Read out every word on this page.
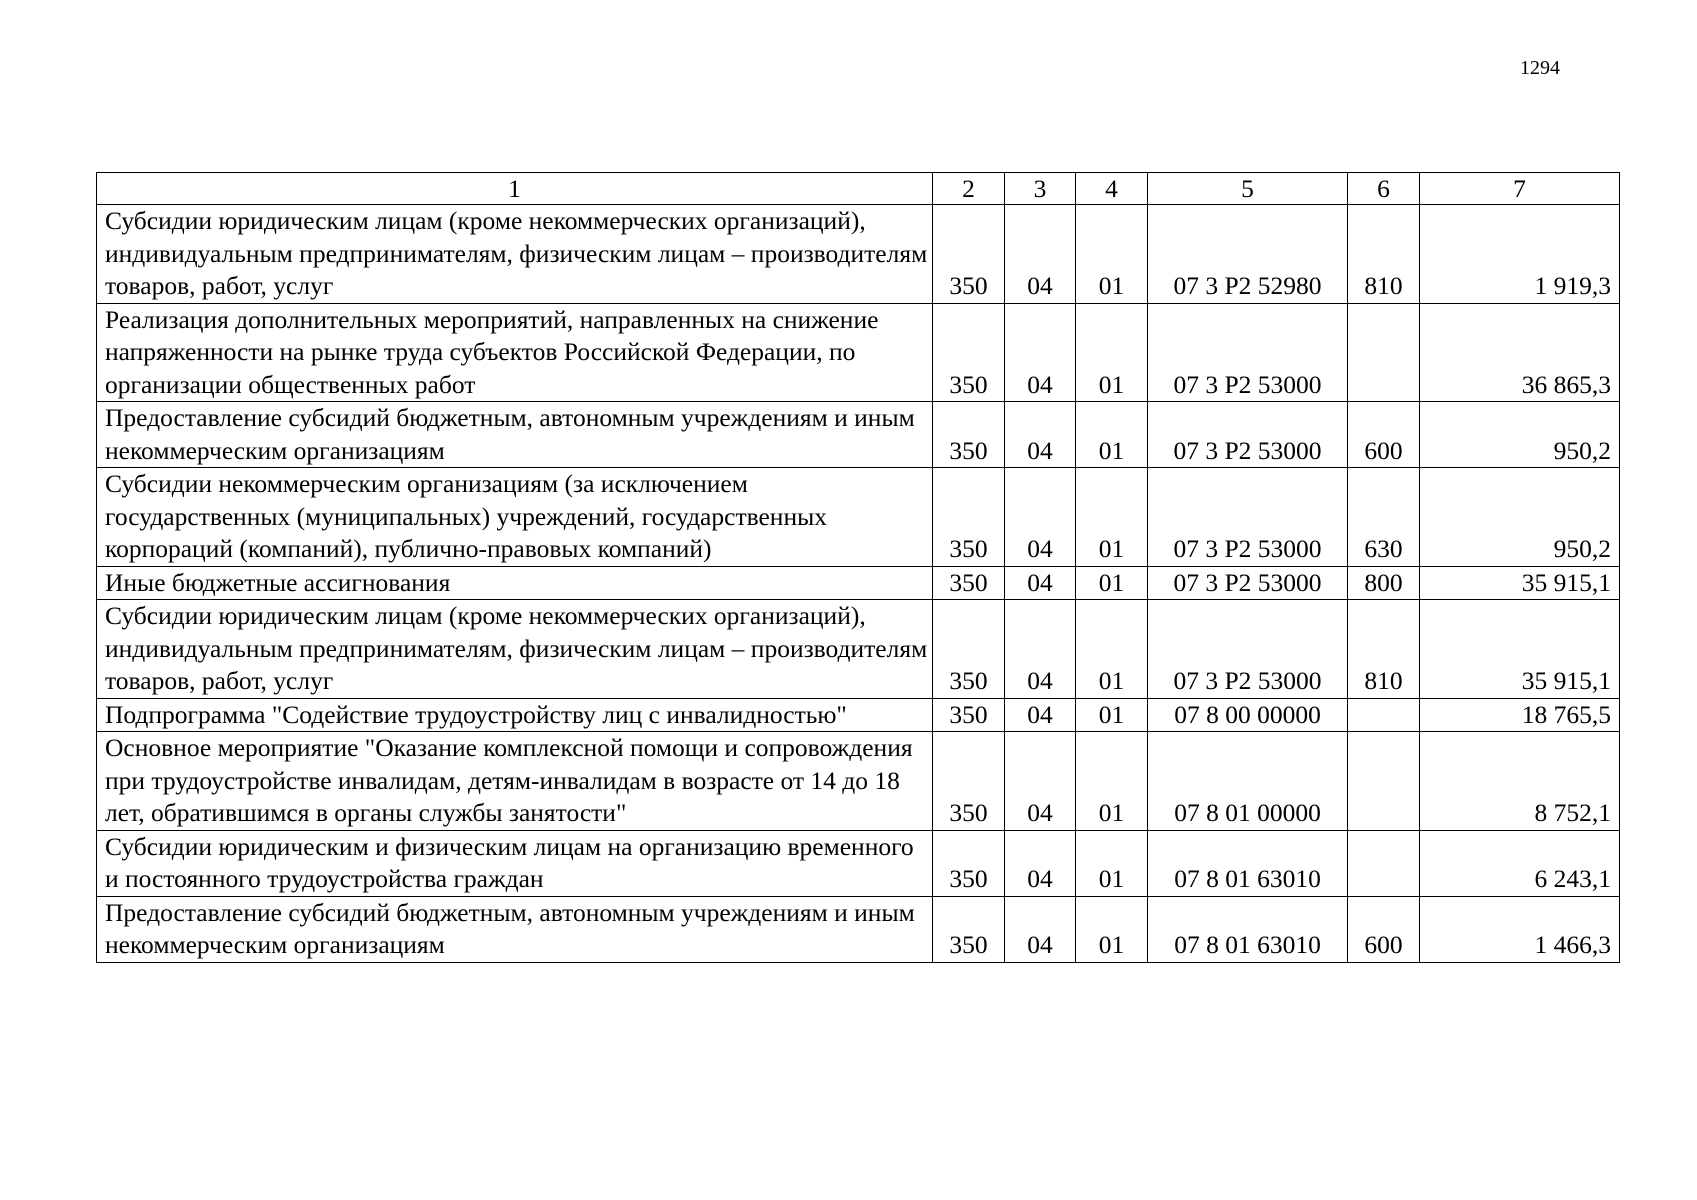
1294
1	2	3	4	5	6	7
Субсидии юридическим лицам (кроме некоммерческих организаций), индивидуальным предпринимателям, физическим лицам – производителям товаров, работ, услуг	350	04	01	07 3 Р2 52980	810	1 919,3
Реализация дополнительных мероприятий, направленных на снижение напряженности на рынке труда субъектов Российской Федерации, по организации общественных работ	350	04	01	07 3 Р2 53000		36 865,3
Предоставление субсидий бюджетным, автономным учреждениям и иным некоммерческим организациям	350	04	01	07 3 Р2 53000	600	950,2
Субсидии некоммерческим организациям (за исключением государственных (муниципальных) учреждений, государственных корпораций (компаний), публично-правовых компаний)	350	04	01	07 3 Р2 53000	630	950,2
Иные бюджетные ассигнования	350	04	01	07 3 Р2 53000	800	35 915,1
Субсидии юридическим лицам (кроме некоммерческих организаций), индивидуальным предпринимателям, физическим лицам – производителям товаров, работ, услуг	350	04	01	07 3 Р2 53000	810	35 915,1
Подпрограмма "Содействие трудоустройству лиц с инвалидностью"	350	04	01	07 8 00 00000		18 765,5
Основное мероприятие "Оказание комплексной помощи и сопровождения при трудоустройстве инвалидам, детям-инвалидам в возрасте от 14 до 18 лет, обратившимся в органы службы занятости"	350	04	01	07 8 01 00000		8 752,1
Субсидии юридическим и физическим лицам на организацию временного и постоянного трудоустройства граждан	350	04	01	07 8 01 63010		6 243,1
Предоставление субсидий бюджетным, автономным учреждениям и иным некоммерческим организациям	350	04	01	07 8 01 63010	600	1 466,3
